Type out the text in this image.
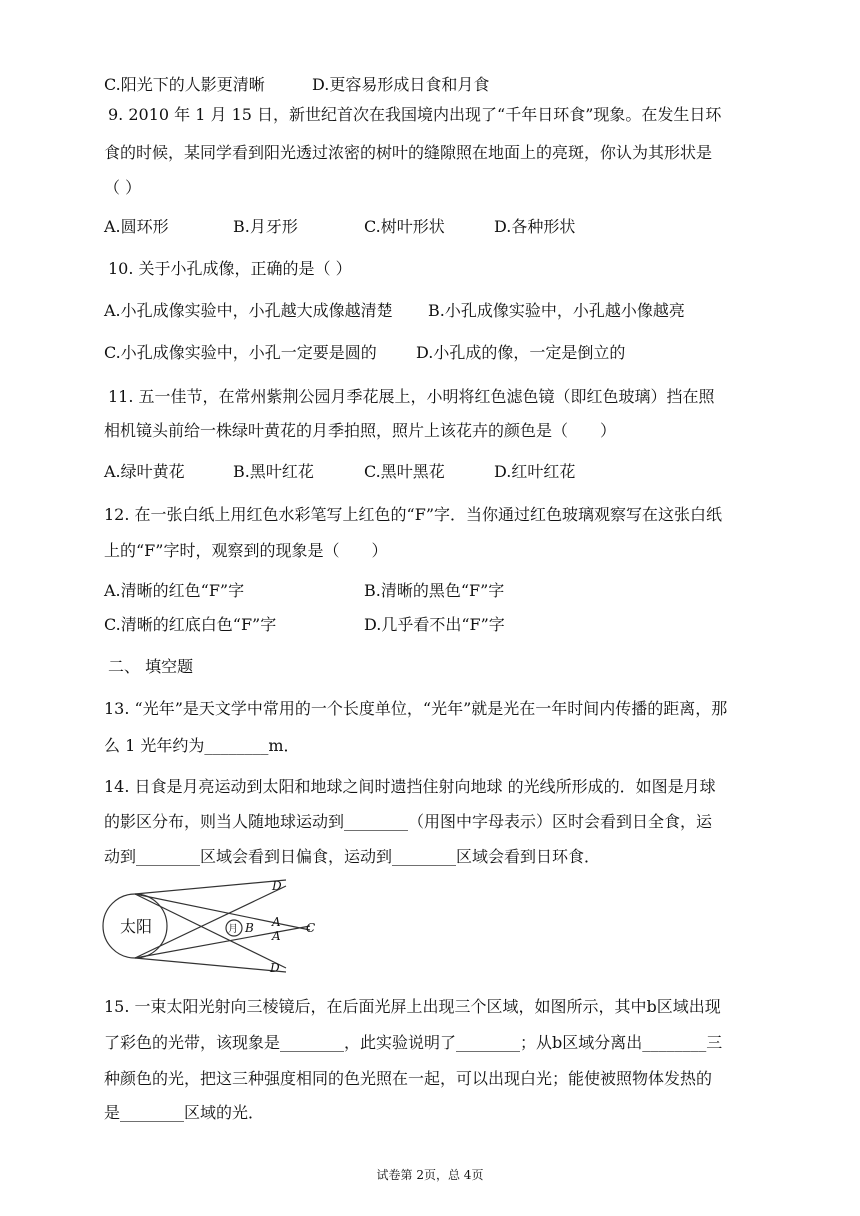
C.阳光下的人影更清晰	D.更容易形成日食和月食
9. 2010 年 1 月 15 日，新世纪首次在我国境内出现了“千年日环食”现象。在发生日环
食的时候，某同学看到阳光透过浓密的树叶的缝隙照在地面上的亮斑，你认为其形状是
（ ）
A.圆环形	B.月牙形	C.树叶形状	D.各种形状
10. 关于小孔成像，正确的是（ ）
A.小孔成像实验中，小孔越大成像越清楚 B.小孔成像实验中，小孔越小像越亮
C.小孔成像实验中，小孔一定要是圆的 D.小孔成的像，一定是倒立的
11. 五一佳节，在常州紫荆公园月季花展上，小明将红色滤色镜（即红色玻璃）挡在照
相机镜头前给一株绿叶黄花的月季拍照，照片上该花卉的颜色是（　　）
A.绿叶黄花	B.黑叶红花	C.黑叶黑花	D.红叶红花
12. 在一张白纸上用红色水彩笔写上红色的“F”字．当你通过红色玻璃观察写在这张白纸
上的“F”字时，观察到的现象是（　　）
A.清晰的红色“F”字	B.清晰的黑色“F”字
C.清晰的红底白色“F”字	D.几乎看不出“F”字
二、 填空题
13. “光年”是天文学中常用的一个长度单位，“光年”就是光在一年时间内传播的距离，那
么 1 光年约为________m．
14. 日食是月亮运动到太阳和地球之间时遗挡住射向地球 的光线所形成的．如图是月球
的影区分布，则当人随地球运动到________（用图中字母表示）区时会看到日全食，运
动到________区域会看到日偏食，运动到________区域会看到日环食．
太阳	月 B A
A
C
D
D
15. 一束太阳光射向三棱镜后，在后面光屏上出现三个区域，如图所示，其中b区域出现
了彩色的光带，该现象是________，此实验说明了________；从b区域分离出________三
种颜色的光，把这三种强度相同的色光照在一起，可以出现白光；能使被照物体发热的
是________区域的光．
试卷第 2页，总 4页
